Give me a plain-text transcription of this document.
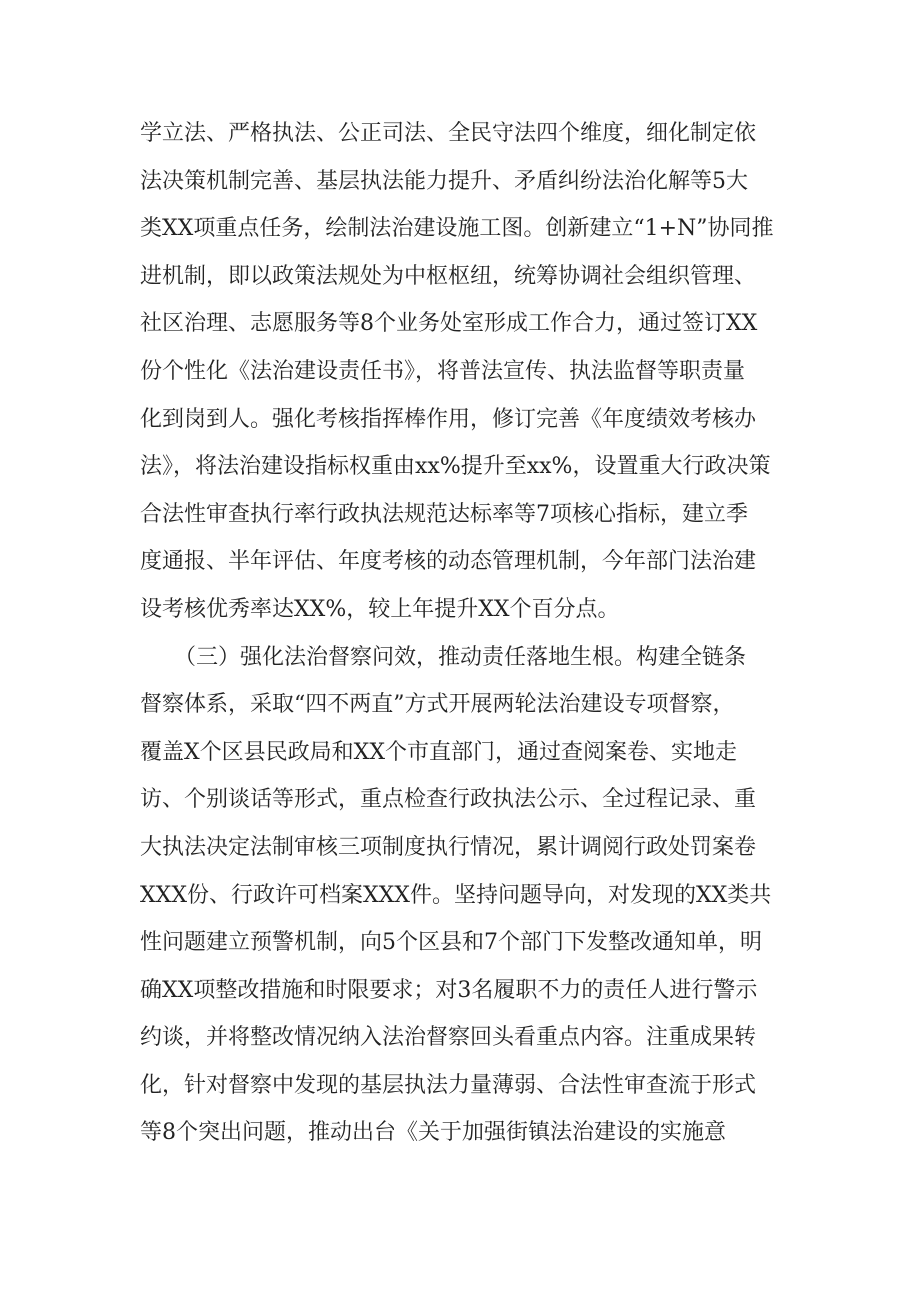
学立法、严格执法、公正司法、全民守法四个维度，细化制定依
法决策机制完善、基层执法能力提升、矛盾纠纷法治化解等5大
类XX项重点任务，绘制法治建设施工图。创新建立“1+N”协同推
进机制，即以政策法规处为中枢枢纽，统筹协调社会组织管理、
社区治理、志愿服务等8个业务处室形成工作合力，通过签订XX
份个性化《法治建设责任书》，将普法宣传、执法监督等职责量
化到岗到人。强化考核指挥棒作用，修订完善《年度绩效考核办
法》，将法治建设指标权重由xx%提升至xx%，设置重大行政决策
合法性审查执行率行政执法规范达标率等7项核心指标，建立季
度通报、半年评估、年度考核的动态管理机制，今年部门法治建
设考核优秀率达XX%，较上年提升XX个百分点。
（三）强化法治督察问效，推动责任落地生根。构建全链条
督察体系，采取“四不两直”方式开展两轮法治建设专项督察，
覆盖X个区县民政局和XX个市直部门，通过查阅案卷、实地走
访、个别谈话等形式，重点检查行政执法公示、全过程记录、重
大执法决定法制审核三项制度执行情况，累计调阅行政处罚案卷
XXX份、行政许可档案XXX件。坚持问题导向，对发现的XX类共
性问题建立预警机制，向5个区县和7个部门下发整改通知单，明
确XX项整改措施和时限要求；对3名履职不力的责任人进行警示
约谈，并将整改情况纳入法治督察回头看重点内容。注重成果转
化，针对督察中发现的基层执法力量薄弱、合法性审查流于形式
等8个突出问题，推动出台《关于加强街镇法治建设的实施意
